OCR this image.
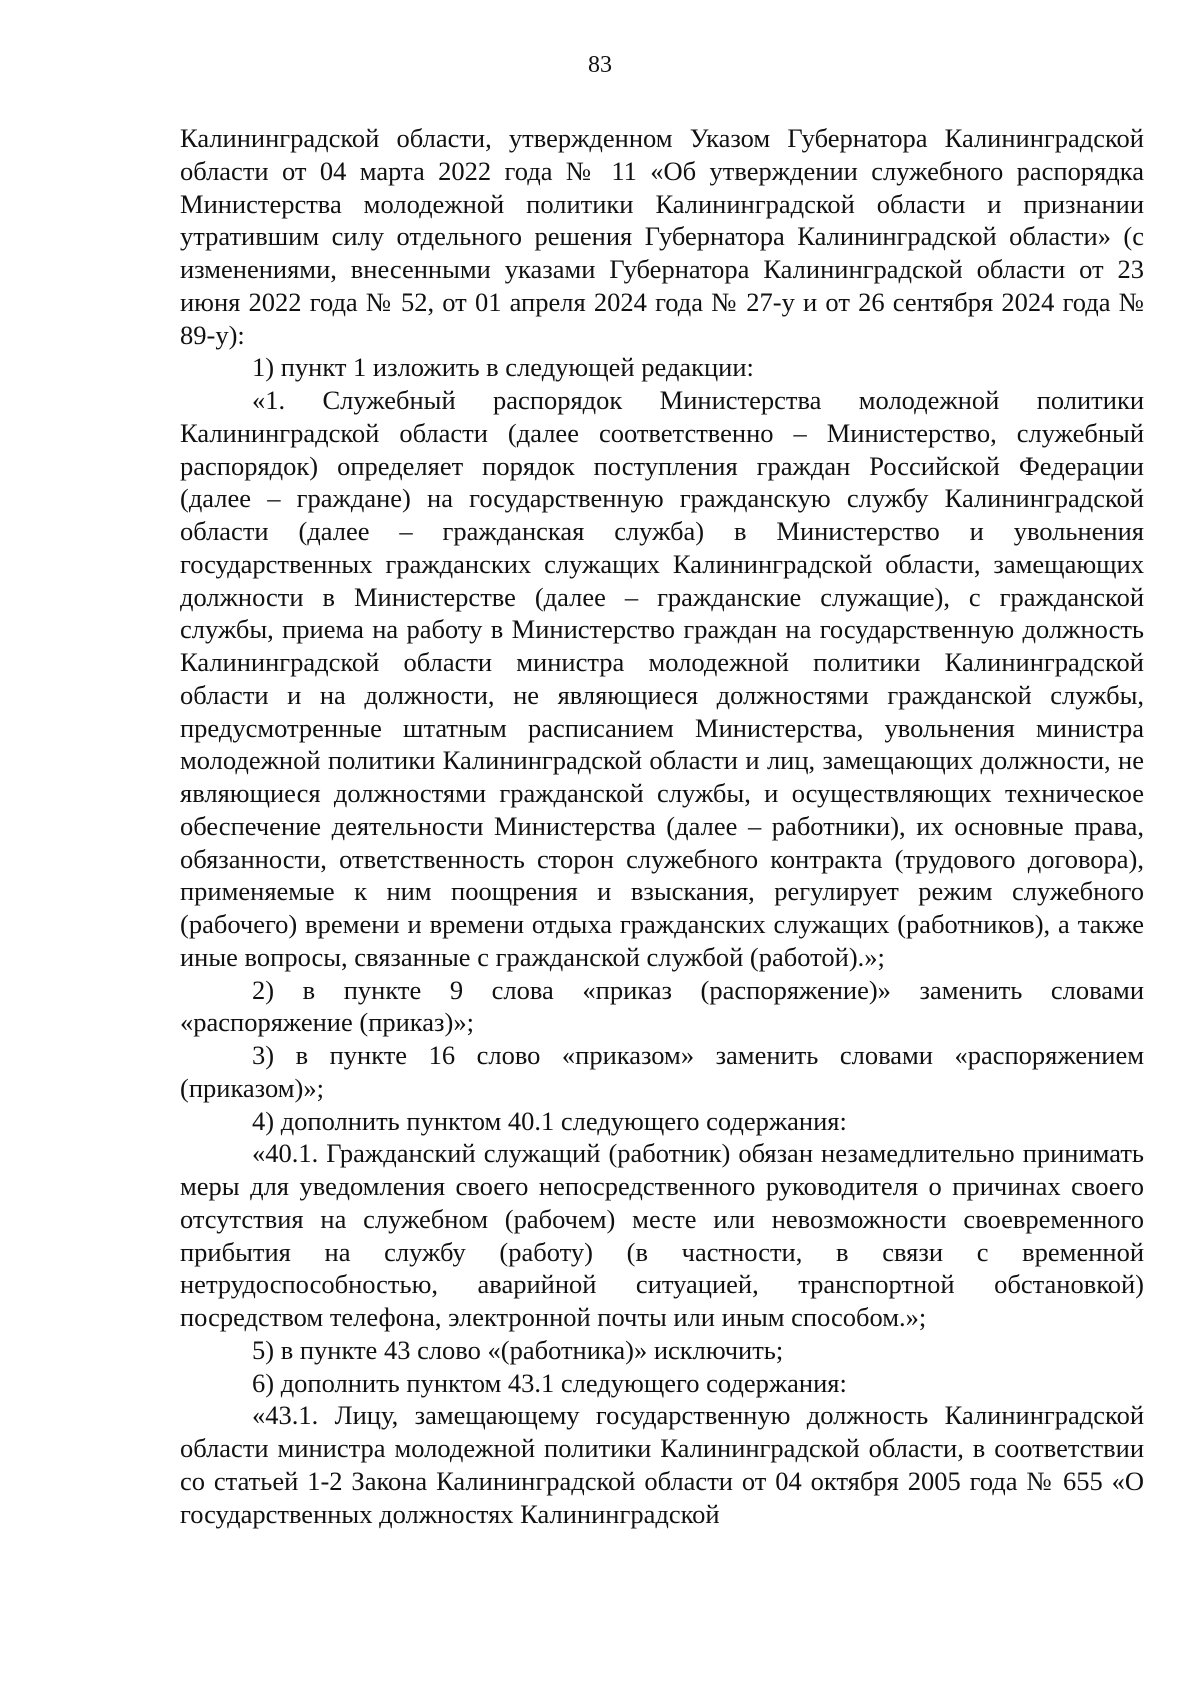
83

Калининградской области, утвержденном Указом Губернатора Калининградской области от 04 марта 2022 года № 11 «Об утверждении служебного распорядка Министерства молодежной политики Калининградской области и признании утратившим силу отдельного решения Губернатора Калининградской области» (с изменениями, внесенными указами Губернатора Калининградской области от 23 июня 2022 года № 52, от 01 апреля 2024 года № 27-у и от 26 сентября 2024 года № 89-у):

1) пункт 1 изложить в следующей редакции:

«1. Служебный распорядок Министерства молодежной политики Калининградской области (далее соответственно – Министерство, служебный распорядок) определяет порядок поступления граждан Российской Федерации (далее – граждане) на государственную гражданскую службу Калининградской области (далее – гражданская служба) в Министерство и увольнения государственных гражданских служащих Калининградской области, замещающих должности в Министерстве (далее – гражданские служащие), с гражданской службы, приема на работу в Министерство граждан на государственную должность Калининградской области министра молодежной политики Калининградской области и на должности, не являющиеся должностями гражданской службы, предусмотренные штатным расписанием Министерства, увольнения министра молодежной политики Калининградской области и лиц, замещающих должности, не являющиеся должностями гражданской службы, и осуществляющих техническое обеспечение деятельности Министерства (далее – работники), их основные права, обязанности, ответственность сторон служебного контракта (трудового договора), применяемые к ним поощрения и взыскания, регулирует режим служебного (рабочего) времени и времени отдыха гражданских служащих (работников), а также иные вопросы, связанные с гражданской службой (работой).»;

2) в пункте 9 слова «приказ (распоряжение)» заменить словами «распоряжение (приказ)»;

3) в пункте 16 слово «приказом» заменить словами «распоряжением (приказом)»;

4) дополнить пунктом 40.1 следующего содержания:

«40.1. Гражданский служащий (работник) обязан незамедлительно принимать меры для уведомления своего непосредственного руководителя о причинах своего отсутствия на служебном (рабочем) месте или невозможности своевременного прибытия на службу (работу) (в частности, в связи с временной нетрудоспособностью, аварийной ситуацией, транспортной обстановкой) посредством телефона, электронной почты или иным способом.»;

5) в пункте 43 слово «(работника)» исключить;

6) дополнить пунктом 43.1 следующего содержания:

«43.1. Лицу, замещающему государственную должность Калининградской области министра молодежной политики Калининградской области, в соответствии со статьей 1-2 Закона Калининградской области от 04 октября 2005 года № 655 «О государственных должностях Калининградской
